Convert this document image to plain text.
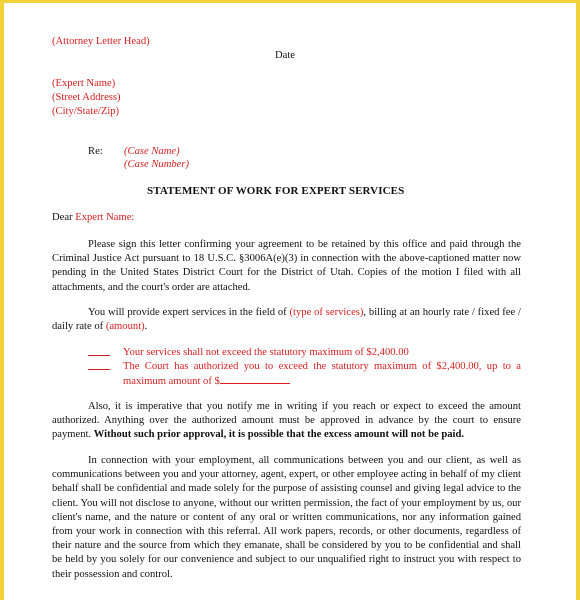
(Attorney Letter Head)
Date
(Expert Name)
(Street Address)
(City/State/Zip)
Re: (Case Name)
(Case Number)
STATEMENT OF WORK FOR EXPERT SERVICES
Dear Expert Name:
Please sign this letter confirming your agreement to be retained by this office and paid through the Criminal Justice Act pursuant to 18 U.S.C. §3006A(e)(3) in connection with the above-captioned matter now pending in the United States District Court for the District of Utah. Copies of the motion I filed with all attachments, and the court's order are attached.
You will provide expert services in the field of (type of services), billing at an hourly rate / fixed fee / daily rate of (amount).
Your services shall not exceed the statutory maximum of $2,400.00
The Court has authorized you to exceed the statutory maximum of $2,400.00, up to a maximum amount of $
Also, it is imperative that you notify me in writing if you reach or expect to exceed the amount authorized. Anything over the authorized amount must be approved in advance by the court to ensure payment. Without such prior approval, it is possible that the excess amount will not be paid.
In connection with your employment, all communications between you and our client, as well as communications between you and your attorney, agent, expert, or other employee acting in behalf of my client behalf shall be confidential and made solely for the purpose of assisting counsel and giving legal advice to the client. You will not disclose to anyone, without our written permission, the fact of your employment by us, our client's name, and the nature or content of any oral or written communications, nor any information gained from your work in connection with this referral. All work papers, records, or other documents, regardless of their nature and the source from which they emanate, shall be considered by you to be confidential and shall be held by you solely for our convenience and subject to our unqualified right to instruct you with respect to their possession and control.
